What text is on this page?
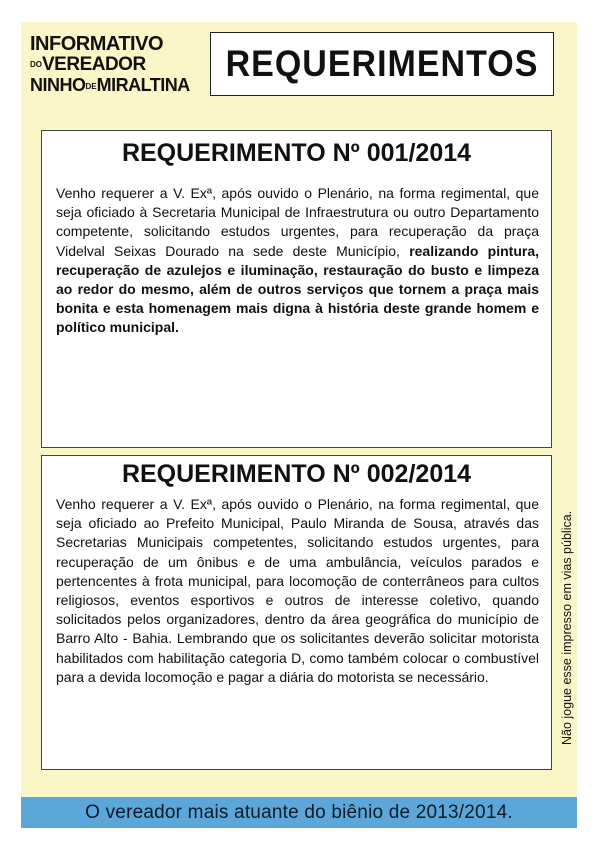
INFORMATIVO
DOVEREADOR
NINHODEMIRALTINA
REQUERIMENTOS
REQUERIMENTO Nº 001/2014

Venho requerer a V. Exª, após ouvido o Plenário, na forma regimental, que seja oficiado à Secretaria Municipal de Infraestrutura ou outro Departamento competente, solicitando estudos urgentes, para recuperação da praça Videlval Seixas Dourado na sede deste Município, realizando pintura, recuperação de azulejos e iluminação, restauração do busto e limpeza ao redor do mesmo, além de outros serviços que tornem a praça mais bonita e esta homenagem mais digna à história deste grande homem e político municipal.

REQUERIMENTO Nº 002/2014

Venho requerer a V. Exª, após ouvido o Plenário, na forma regimental, que seja oficiado ao Prefeito Municipal, Paulo Miranda de Sousa, através das Secretarias Municipais competentes, solicitando estudos urgentes, para recuperação de um ônibus e de uma ambulância, veículos parados e pertencentes à frota municipal, para locomoção de conterrâneos para cultos religiosos, eventos esportivos e outros de interesse coletivo, quando solicitados pelos organizadores, dentro da área geográfica do município de Barro Alto - Bahia. Lembrando que os solicitantes deverão solicitar motorista habilitados com habilitação categoria D, como também colocar o combustível para a devida locomoção e pagar a diária do motorista se necessário.	Não jogue esse impresso em vias pública.
O vereador mais atuante do biênio de 2013/2014.
